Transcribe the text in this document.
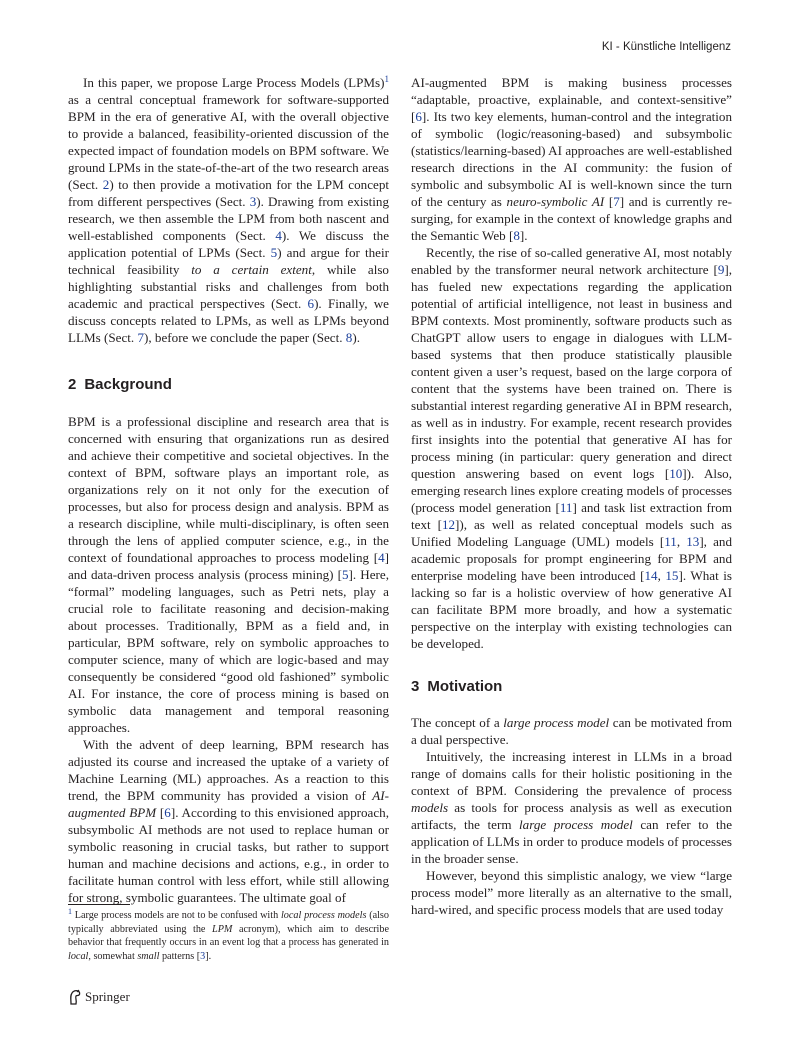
KI - Künstliche Intelligenz

In this paper, we propose Large Process Models (LPMs)$^1$ as a central conceptual framework for software-supported BPM in the era of generative AI, with the overall objective to provide a balanced, feasibility-oriented discussion of the expected impact of foundation models on BPM software. We ground LPMs in the state-of-the-art of the two research areas (Sect. 2) to then provide a motivation for the LPM concept from different perspectives (Sect. 3). Drawing from existing research, we then assemble the LPM from both nascent and well-established components (Sect. 4). We discuss the application potential of LPMs (Sect. 5) and argue for their technical feasibility to a certain extent, while also highlighting substantial risks and challenges from both academic and practical perspectives (Sect. 6). Finally, we discuss concepts related to LPMs, as well as LPMs beyond LLMs (Sect. 7), before we conclude the paper (Sect. 8).

2 Background

BPM is a professional discipline and research area that is concerned with ensuring that organizations run as desired and achieve their competitive and societal objectives. In the context of BPM, software plays an important role, as organizations rely on it not only for the execution of processes, but also for process design and analysis. BPM as a research discipline, while multi-disciplinary, is often seen through the lens of applied computer science, e.g., in the context of foundational approaches to process modeling [4] and data-driven process analysis (process mining) [5]. Here, “formal” modeling languages, such as Petri nets, play a crucial role to facilitate reasoning and decision-making about processes. Traditionally, BPM as a field and, in particular, BPM software, rely on symbolic approaches to computer science, many of which are logic-based and may consequently be considered “good old fashioned” symbolic AI. For instance, the core of process mining is based on symbolic data management and temporal reasoning approaches.

With the advent of deep learning, BPM research has adjusted its course and increased the uptake of a variety of Machine Learning (ML) approaches. As a reaction to this trend, the BPM community has provided a vision of AI-augmented BPM [6]. According to this envisioned approach, subsymbolic AI methods are not used to replace human or symbolic reasoning in crucial tasks, but rather to support human and machine decisions and actions, e.g., in order to facilitate human control with less effort, while still allowing for strong, symbolic guarantees. The ultimate goal of

$^1$ Large process models are not to be confused with local process models (also typically abbreviated using the LPM acronym), which aim to describe behavior that frequently occurs in an event log that a process has generated in local, somewhat small patterns [3].

AI-augmented BPM is making business processes “adaptable, proactive, explainable, and context-sensitive” [6]. Its two key elements, human-control and the integration of symbolic (logic/reasoning-based) and subsymbolic (statistics/learning-based) AI approaches are well-established research directions in the AI community: the fusion of symbolic and subsymbolic AI is well-known since the turn of the century as neuro-symbolic AI [7] and is currently re-surging, for example in the context of knowledge graphs and the Semantic Web [8].

Recently, the rise of so-called generative AI, most notably enabled by the transformer neural network architecture [9], has fueled new expectations regarding the application potential of artificial intelligence, not least in business and BPM contexts. Most prominently, software products such as ChatGPT allow users to engage in dialogues with LLM-based systems that then produce statistically plausible content given a user’s request, based on the large corpora of content that the systems have been trained on. There is substantial interest regarding generative AI in BPM research, as well as in industry. For example, recent research provides first insights into the potential that generative AI has for process mining (in particular: query generation and direct question answering based on event logs [10]). Also, emerging research lines explore creating models of processes (process model generation [11] and task list extraction from text [12]), as well as related conceptual models such as Unified Modeling Language (UML) models [11, 13], and academic proposals for prompt engineering for BPM and enterprise modeling have been introduced [14, 15]. What is lacking so far is a holistic overview of how generative AI can facilitate BPM more broadly, and how a systematic perspective on the interplay with existing technologies can be developed.

3 Motivation

The concept of a large process model can be motivated from a dual perspective.

Intuitively, the increasing interest in LLMs in a broad range of domains calls for their holistic positioning in the context of BPM. Considering the prevalence of process models as tools for process analysis as well as execution artifacts, the term large process model can refer to the application of LLMs in order to produce models of processes in the broader sense.

However, beyond this simplistic analogy, we view “large process model” more literally as an alternative to the small, hard-wired, and specific process models that are used today

Springer
